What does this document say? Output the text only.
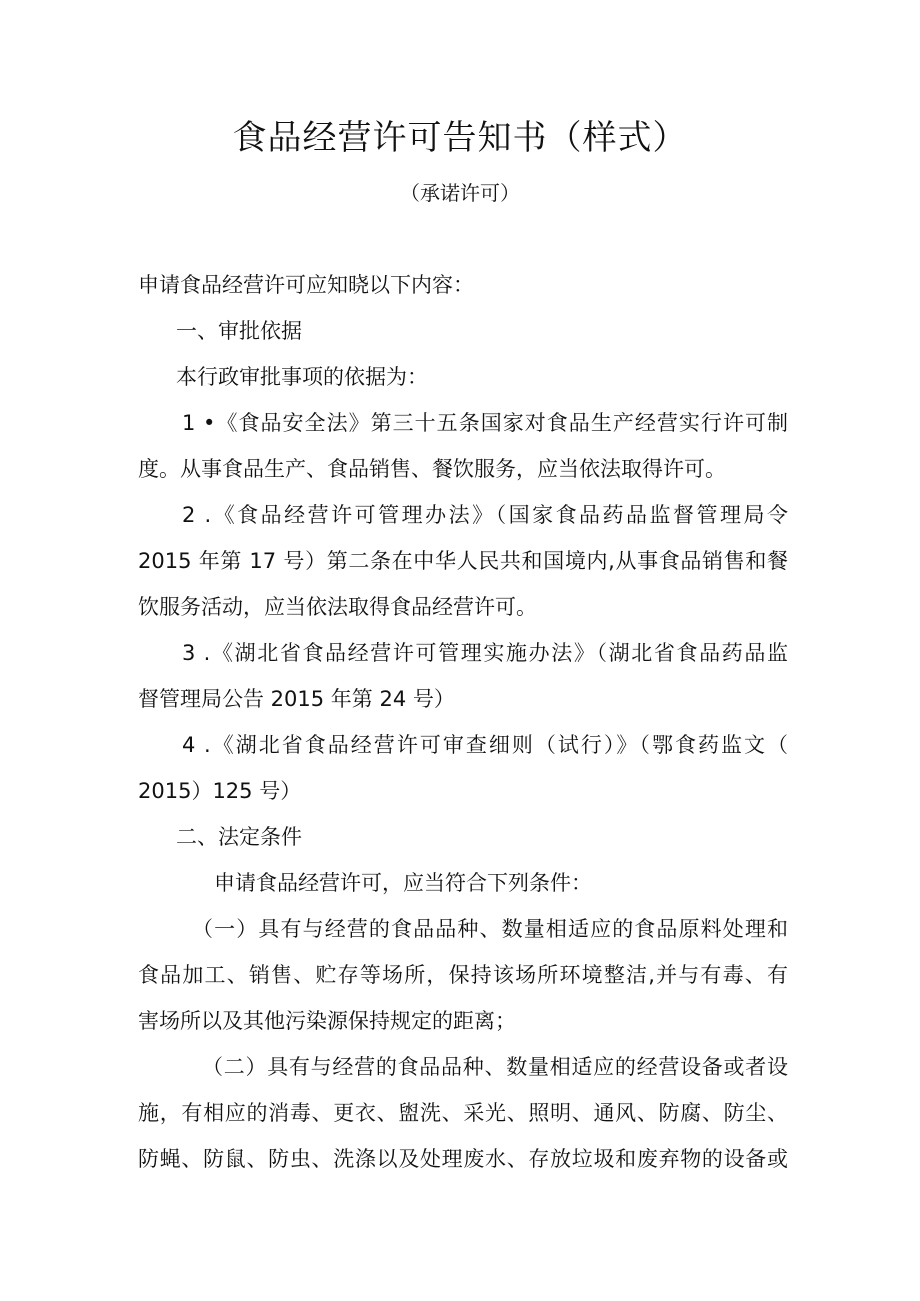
食品经营许可告知书（样式）
（承诺许可）
申请食品经营许可应知晓以下内容：
一、审批依据
本行政审批事项的依据为：
1 •《食品安全法》第三十五条国家对食品生产经营实行许可制
度。从事食品生产、食品销售、餐饮服务，应当依法取得许可。
2 .《食品经营许可管理办法》（国家食品药品监督管理局令
2015 年第 17 号）第二条在中华人民共和国境内,从事食品销售和餐
饮服务活动，应当依法取得食品经营许可。
3 .《湖北省食品经营许可管理实施办法》（湖北省食品药品监
督管理局公告 2015 年第 24 号）
4 .《湖北省食品经营许可审查细则（试行）》（鄂食药监文（
2015）125 号）
二、法定条件
申请食品经营许可，应当符合下列条件：
（一）具有与经营的食品品种、数量相适应的食品原料处理和
食品加工、销售、贮存等场所，保持该场所环境整洁,并与有毒、有
害场所以及其他污染源保持规定的距离；
（二）具有与经营的食品品种、数量相适应的经营设备或者设
施，有相应的消毒、更衣、盥洗、采光、照明、通风、防腐、防尘、
防蝇、防鼠、防虫、洗涤以及处理废水、存放垃圾和废弃物的设备或
